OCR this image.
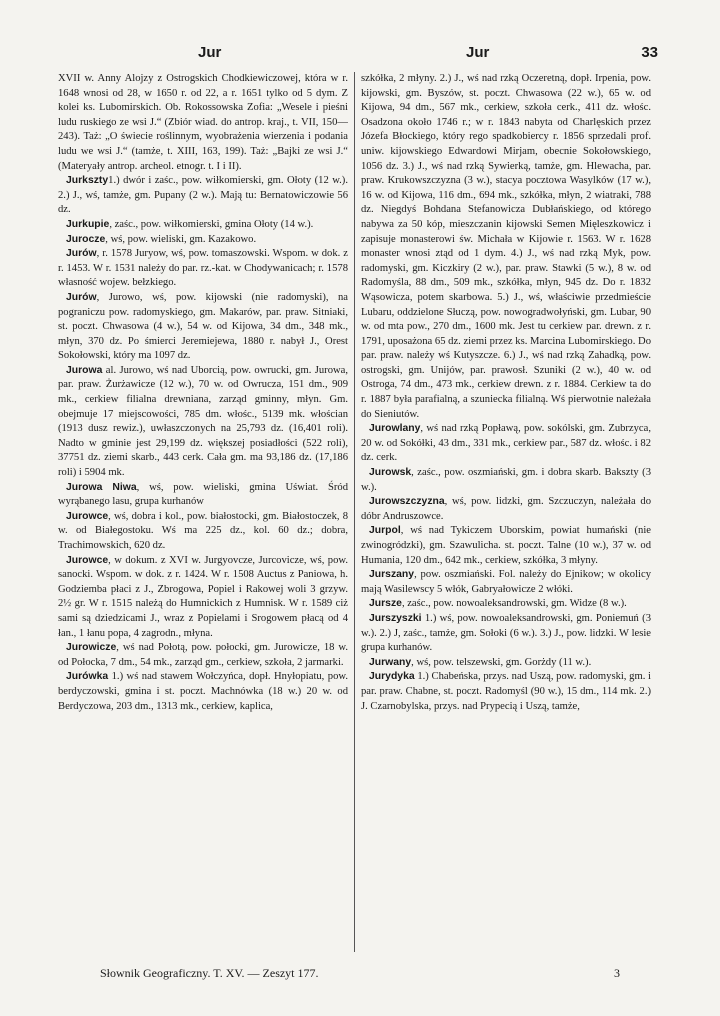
Jur	Jur	33

XVII w. Anny Alojzy z Ostrogskich Chodkiewiczowej, która w r. 1648 wnosi od 28, w 1650 r. od 22, a r. 1651 tylko od 5 dym. Z kolei ks. Lubomirskich. Ob. Rokossowska Zofia: „Wesele i pieśni ludu ruskiego ze wsi J.“ (Zbiór wiad. do antrop. kraj., t. VII, 150—243). Taż: „O świecie roślinnym, wyobrażenia wierzenia i podania ludu we wsi J.“ (tamże, t. XIII, 163, 199). Taż: „Bajki ze wsi J.“ (Materyały antrop. archeol. etnogr. t. I i II).

Jurkszty1.) dwór i zaśc., pow. wiłkomierski, gm. Ołoty (12 w.). 2.) J., wś, tamże, gm. Pupany (2 w.). Mają tu: Bernatowiczowie 56 dz.

Jurkupie, zaśc., pow. wiłkomierski, gmina Ołoty (14 w.).

Jurocze, wś, pow. wieliski, gm. Kazakowo.

Jurów, r. 1578 Juryow, wś, pow. tomaszowski. Wspom. w dok. z r. 1453. W r. 1531 należy do par. rz.-kat. w Chodywanicach; r. 1578 własność wojew. bełzkiego.

Jurów, Jurowo, wś, pow. kijowski (nie radomyski), na pograniczu pow. radomyskiego, gm. Makarów, par. praw. Sitniaki, st. poczt. Chwasowa (4 w.), 54 w. od Kijowa, 34 dm., 348 mk., młyn, 370 dz. Po śmierci Jeremiejewa, 1880 r. nabył J., Orest Sokołowski, który ma 1097 dz.

Jurowa al. Jurowo, wś nad Uborcią, pow. owrucki, gm. Jurowa, par. praw. Żurżawicze (12 w.), 70 w. od Owrucza, 151 dm., 909 mk., cerkiew filialna drewniana, zarząd gminny, młyn. Gm. obejmuje 17 miejscowości, 785 dm. włośc., 5139 mk. włościan (1913 dusz rewiz.), uwłaszczonych na 25,793 dz. (16,401 roli). Nadto w gminie jest 29,199 dz. większej posiadłości (522 roli), 37751 dz. ziemi skarb., 443 cerk. Cała gm. ma 93,186 dz. (17,186 roli) i 5904 mk.

Jurowa Niwa, wś, pow. wieliski, gmina Uświat. Śród wyrąbanego lasu, grupa kurhanów

Jurowce, wś, dobra i kol., pow. białostocki, gm. Białostoczek, 8 w. od Białegostoku. Wś ma 225 dz., kol. 60 dz.; dobra, Trachimowskich, 620 dz.

Jurowce, w dokum. z XVI w. Jurgyovcze, Jurcovicze, wś, pow. sanocki. Wspom. w dok. z r. 1424. W r. 1508 Auctus z Paniowa, h. Godziemba płaci z J., Zbrogowa, Popiel i Rakowej woli 3 grzyw. 2½ gr. W r. 1515 należą do Humnickich z Humnisk. W r. 1589 ciż sami są dziedzicami J., wraz z Popielami i Srogowem płacą od 4 łan., 1 łanu popa, 4 zagrodn., młyna.

Jurowicze, wś nad Połotą, pow. połocki, gm. Jurowicze, 18 w. od Połocka, 7 dm., 54 mk., zarząd gm., cerkiew, szkoła, 2 jarmarki.

Jurówka 1.) wś nad stawem Wołczyńca, dopł. Hnyłopiatu, pow. berdyczowski, gmina i st. poczt. Machnówka (18 w.) 20 w. od Berdyczowa, 203 dm., 1313 mk., cerkiew, kaplica,

szkółka, 2 młyny. 2.) J., wś nad rzką Oczeretną, dopł. Irpenia, pow. kijowski, gm. Byszów, st. poczt. Chwasowa (22 w.), 65 w. od Kijowa, 94 dm., 567 mk., cerkiew, szkoła cerk., 411 dz. włośc. Osadzona około 1746 r.; w r. 1843 nabyta od Charlęskich przez Józefa Błockiego, który rego spadkobiercy r. 1856 sprzedali prof. uniw. kijowskiego Edwardowi Mirjam, obecnie Sokołowskiego, 1056 dz. 3.) J., wś nad rzką Sywierką, tamże, gm. Hlewacha, par. praw. Krukowszczyzna (3 w.), stacya pocztowa Wasylków (17 w.), 16 w. od Kijowa, 116 dm., 694 mk., szkółka, młyn, 2 wiatraki, 788 dz. Niegdyś Bohdana Stefanowicza Dubłańskiego, od którego nabywa za 50 kóp, mieszczanin kijowski Semen Mięleszkowicz i zapisuje monasterowi św. Michała w Kijowie r. 1563. W r. 1628 monaster wnosi ztąd od 1 dym. 4.) J., wś nad rzką Myk, pow. radomyski, gm. Kiczkiry (2 w.), par. praw. Stawki (5 w.), 8 w. od Radomyśla, 88 dm., 509 mk., szkółka, młyn, 945 dz. Do r. 1832 Wąsowicza, potem skarbowa. 5.) J., wś, właściwie przedmieście Lubaru, oddzielone Słuczą, pow. nowogradwołyński, gm. Lubar, 90 w. od mta pow., 270 dm., 1600 mk. Jest tu cerkiew par. drewn. z r. 1791, uposażona 65 dz. ziemi przez ks. Marcina Lubomirskiego. Do par. praw. należy wś Kutyszcze. 6.) J., wś nad rzką Zahadką, pow. ostrogski, gm. Unijów, par. prawosł. Szuniki (2 w.), 40 w. od Ostroga, 74 dm., 473 mk., cerkiew drewn. z r. 1884. Cerkiew ta do r. 1887 była parafialną, a szuniecka filialną. Wś pierwotnie należała do Sieniutów.

Jurowlany, wś nad rzką Popławą, pow. sokólski, gm. Zubrzyca, 20 w. od Sokółki, 43 dm., 331 mk., cerkiew par., 587 dz. włośc. i 82 dz. cerk.

Jurowsk, zaśc., pow. oszmiański, gm. i dobra skarb. Bakszty (3 w.).

Jurowszczyzna, wś, pow. lidzki, gm. Szczuczyn, należała do dóbr Andruszowce.

Jurpol, wś nad Tykiczem Uborskim, powiat humański (nie zwinogródzki), gm. Szawulicha. st. poczt. Talne (10 w.), 37 w. od Humania, 120 dm., 642 mk., cerkiew, szkółka, 3 młyny.

Jurszany, pow. oszmiański. Fol. należy do Ejnikow; w okolicy mają Wasilewscy 5 włók, Gabryałowicze 2 włóki.

Jursze, zaśc., pow. nowoaleksandrowski, gm. Widze (8 w.).

Jurszyszki 1.) wś, pow. nowoaleksandrowski, gm. Poniemuń (3 w.). 2.) J, zaśc., tamże, gm. Sołoki (6 w.). 3.) J., pow. lidzki. W lesie grupa kurhanów.

Jurwany, wś, pow. telszewski, gm. Gorżdy (11 w.).

Jurydyka 1.) Chabeńska, przys. nad Uszą, pow. radomyski, gm. i par. praw. Chabne, st. poczt. Radomyśl (90 w.), 15 dm., 114 mk. 2.) J. Czarnobylska, przys. nad Prypecią i Uszą, tamże,

Słownik Geograficzny. T. XV. — Zeszyt 177.	3
